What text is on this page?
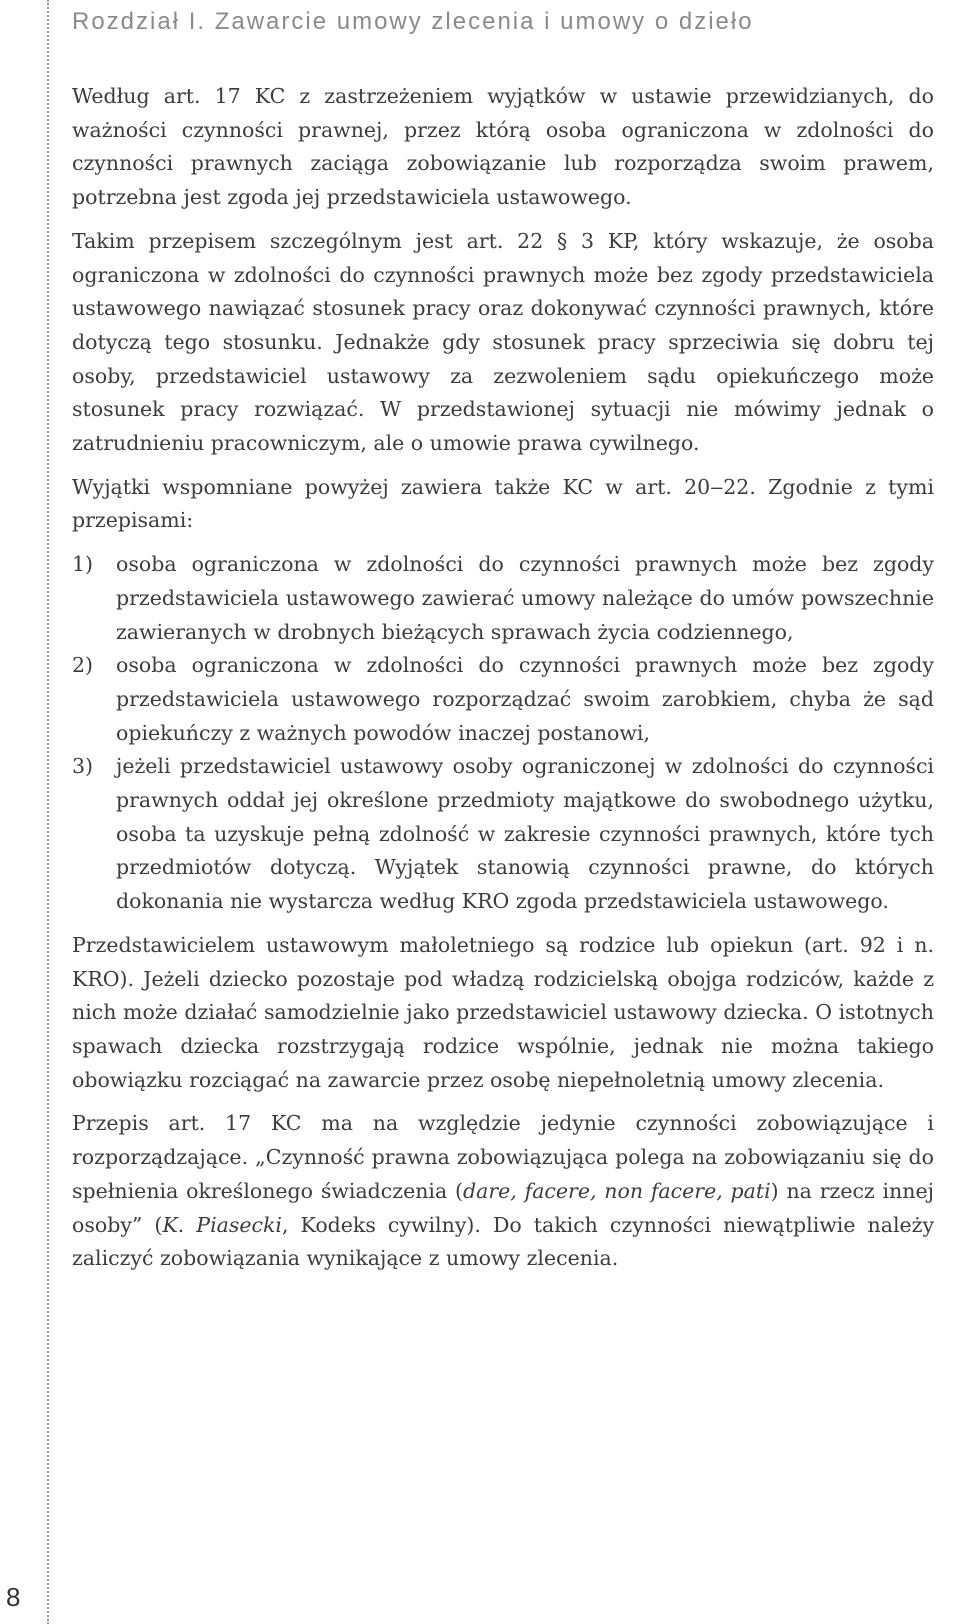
8
Rozdział I. Zawarcie umowy zlecenia i umowy o dzieło

Według art. 17 KC z zastrzeżeniem wyjątków w ustawie przewidzianych, do ważności czynności prawnej, przez którą osoba ograniczona w zdolności do czynności prawnych zaciąga zobowiązanie lub rozporządza swoim prawem, potrzebna jest zgoda jej przedstawiciela ustawowego.

Takim przepisem szczególnym jest art. 22 § 3 KP, który wskazuje, że osoba ograniczona w zdolności do czynności prawnych może bez zgody przedstawiciela ustawowego nawiązać stosunek pracy oraz dokonywać czynności prawnych, które dotyczą tego stosunku. Jednakże gdy stosunek pracy sprzeciwia się dobru tej osoby, przedstawiciel ustawowy za zezwoleniem sądu opiekuńczego może stosunek pracy rozwiązać. W przedstawionej sytuacji nie mówimy jednak o zatrudnieniu pracowniczym, ale o umowie prawa cywilnego.

Wyjątki wspomniane powyżej zawiera także KC w art. 20‒22. Zgodnie z tymi przepisami:

1)	osoba ograniczona w zdolności do czynności prawnych może bez zgody przedstawiciela ustawowego zawierać umowy należące do umów powszechnie zawieranych w drobnych bieżących sprawach życia codziennego,
2)	osoba ograniczona w zdolności do czynności prawnych może bez zgody przedstawiciela ustawowego rozporządzać swoim zarobkiem, chyba że sąd opiekuńczy z ważnych powodów inaczej postanowi,
3)	jeżeli przedstawiciel ustawowy osoby ograniczonej w zdolności do czynności prawnych oddał jej określone przedmioty majątkowe do swobodnego użytku, osoba ta uzyskuje pełną zdolność w zakresie czynności prawnych, które tych przedmiotów dotyczą. Wyjątek stanowią czynności prawne, do których dokonania nie wystarcza według KRO zgoda przedstawiciela ustawowego.

Przedstawicielem ustawowym małoletniego są rodzice lub opiekun (art. 92 i n. KRO). Jeżeli dziecko pozostaje pod władzą rodzicielską obojga rodziców, każde z nich może działać samodzielnie jako przedstawiciel ustawowy dziecka. O istotnych spawach dziecka rozstrzygają rodzice wspólnie, jednak nie można takiego obowiązku rozciągać na zawarcie przez osobę niepełnoletnią umowy zlecenia.

Przepis art. 17 KC ma na względzie jedynie czynności zobowiązujące i rozporządzające. „Czynność prawna zobowiązująca polega na zobowiązaniu się do spełnienia określonego świadczenia (dare, facere, non facere, pati) na rzecz innej osoby” (K. Piasecki, Kodeks cywilny). Do takich czynności niewątpliwie należy zaliczyć zobowiązania wynikające z umowy zlecenia.
